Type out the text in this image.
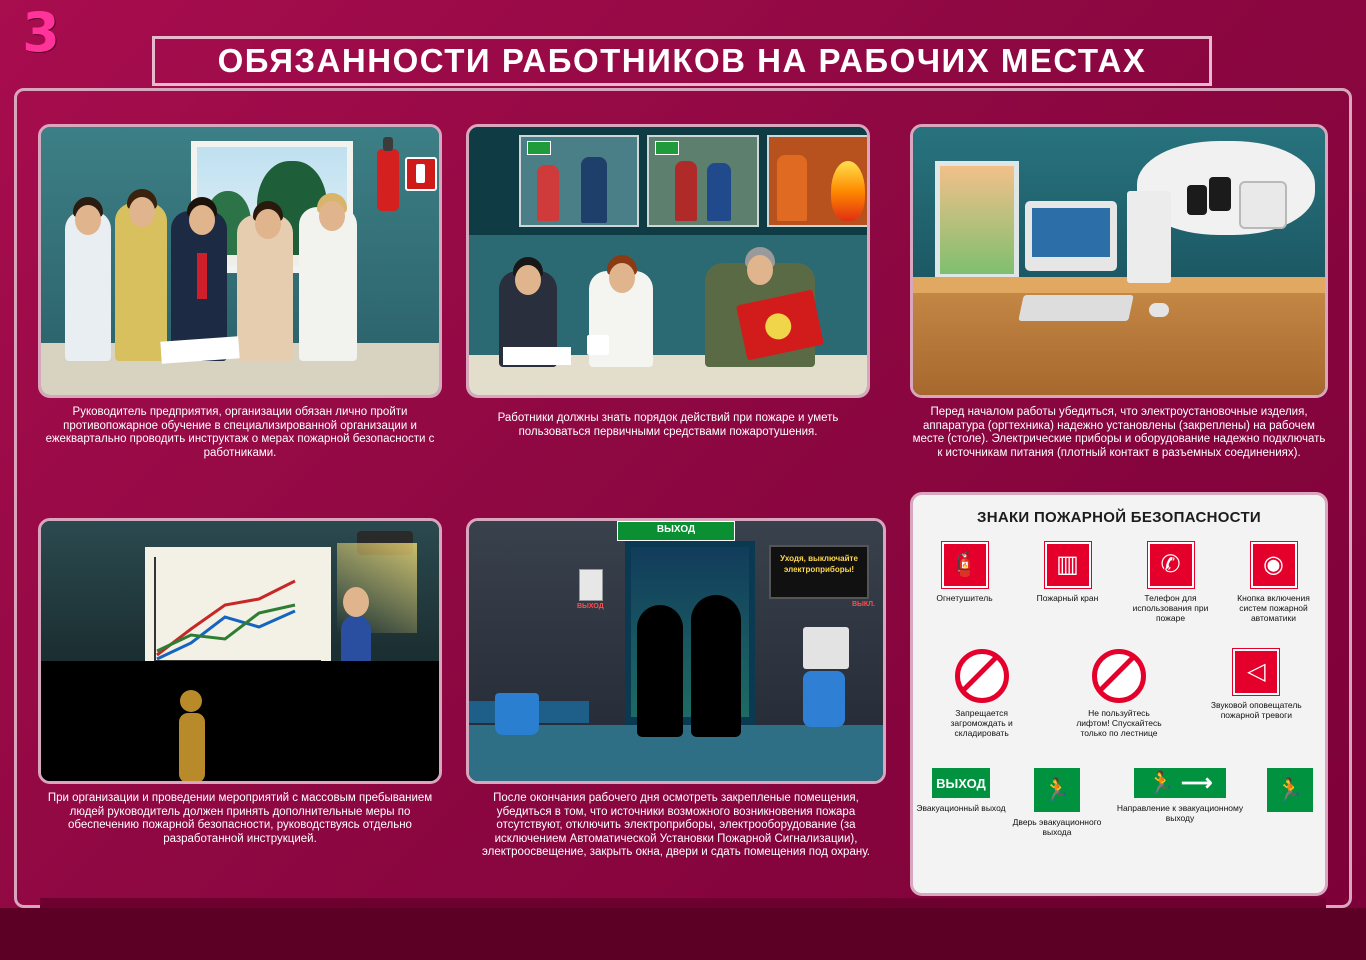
3	ОБЯЗАННОСТИ РАБОТНИКОВ НА РАБОЧИХ МЕСТАХ
Руководитель предприятия, организации обязан лично пройти противопожарное обучение в специализированной организации и ежеквартально проводить инструктаж о мерах пожарной безопасности с работниками.
Работники должны знать порядок действий при пожаре и уметь пользоваться первичными средствами пожаротушения.
Перед началом работы убедиться, что электроустановочные изделия, аппаратура (оргтехника) надежно установлены (закреплены) на рабочем месте (столе). Электрические приборы и оборудование надежно подключать к источникам питания (плотный контакт в разъемных соединениях).
При организации и проведении мероприятий с массовым пребыванием людей руководитель должен принять дополнительные меры по обеспечению пожарной безопасности, руководствуясь отдельно разработанной инструкцией.
ВЫХОД
ВЫХОД
Уходя, выключайте электроприборы!
ВЫКЛ.
После окончания рабочего дня осмотреть закрепленые помещения, убедиться в том, что источники возможного возникновения пожара отсутствуют, отключить электроприборы, электрооборудование (за исключением Автоматической Установки Пожарной Сигнализации), электроосвещение, закрыть окна, двери и сдать помещения под охрану.
ЗНАКИ ПОЖАРНОЙ БЕЗОПАСНОСТИ
🧯
Огнетушитель
▥
Пожарный кран
✆
Телефон для использования при пожаре
◉
Кнопка включения систем пожарной автоматики
Запрещается загромождать и складировать
Не пользуйтесь лифтом! Спускайтесь только по лестнице
◁
Звуковой оповещатель пожарной тревоги
ВЫХОД
Эвакуационный выход
🏃
Дверь эвакуационного выхода
🏃 ⟶
Направление к эвакуационному выходу
🏃
